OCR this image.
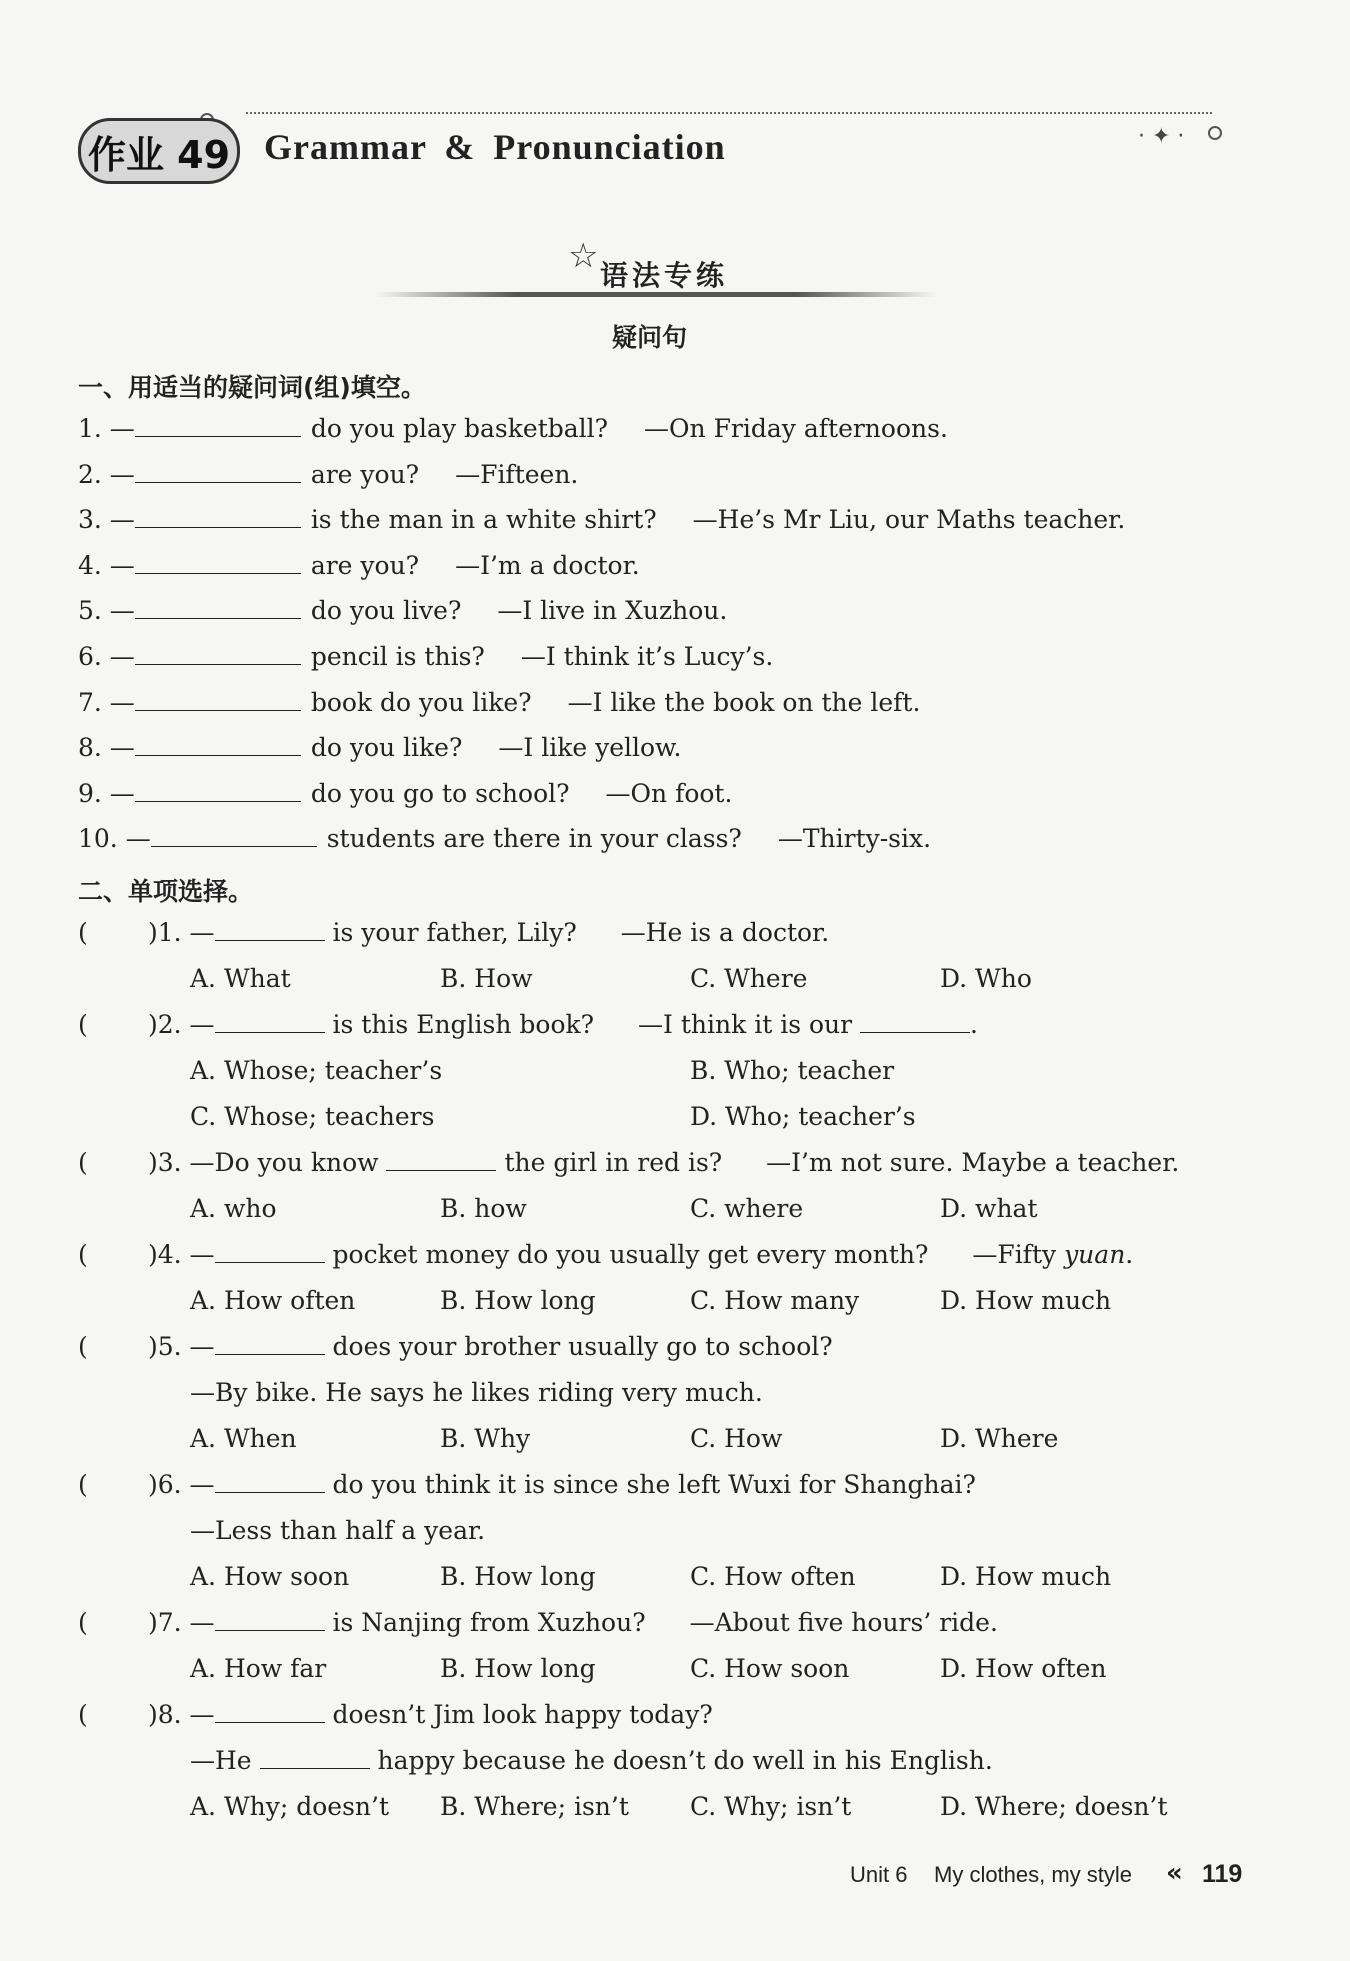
作业 49 Grammar & Pronunciation	· ✦ ·
☆ 语法专练
疑问句
一、用适当的疑问词(组)填空。
1. —	do you play basketball? —On Friday afternoons.
2. —	are you? —Fifteen.
3. —	is the man in a white shirt? —He’s Mr Liu, our Maths teacher.
4. —	are you? —I’m a doctor.
5. —	do you live? —I live in Xuzhou.
6. —	pencil is this? —I think it’s Lucy’s.
7. —	book do you like? —I like the book on the left.
8. —	do you like? —I like yellow.
9. —	do you go to school? —On foot.
10. —	students are there in your class? —Thirty-six.
二、单项选择。
( )1. —	is your father, Lily? —He is a doctor.
A. What	B. How	C. Where	D. Who
( )2. —	is this English book? —I think it is our	.
A. Whose; teacher’s	B. Who; teacher
C. Whose; teachers	D. Who; teacher’s
( )3. —Do you know	the girl in red is? —I’m not sure. Maybe a teacher.
A. who	B. how	C. where	D. what
( )4. —	pocket money do you usually get every month? —Fifty yuan.
A. How often	B. How long	C. How many	D. How much
( )5. —	does your brother usually go to school?
—By bike. He says he likes riding very much.
A. When	B. Why	C. How	D. Where
( )6. —	do you think it is since she left Wuxi for Shanghai?
—Less than half a year.
A. How soon	B. How long	C. How often	D. How much
( )7. —	is Nanjing from Xuzhou? —About five hours’ ride.
A. How far	B. How long	C. How soon	D. How often
( )8. —	doesn’t Jim look happy today?
—He	happy because he doesn’t do well in his English.
A. Why; doesn’t B. Where; isn’t C. Why; isn’t	D. Where; doesn’t
Unit 6 My clothes, my style « 119
